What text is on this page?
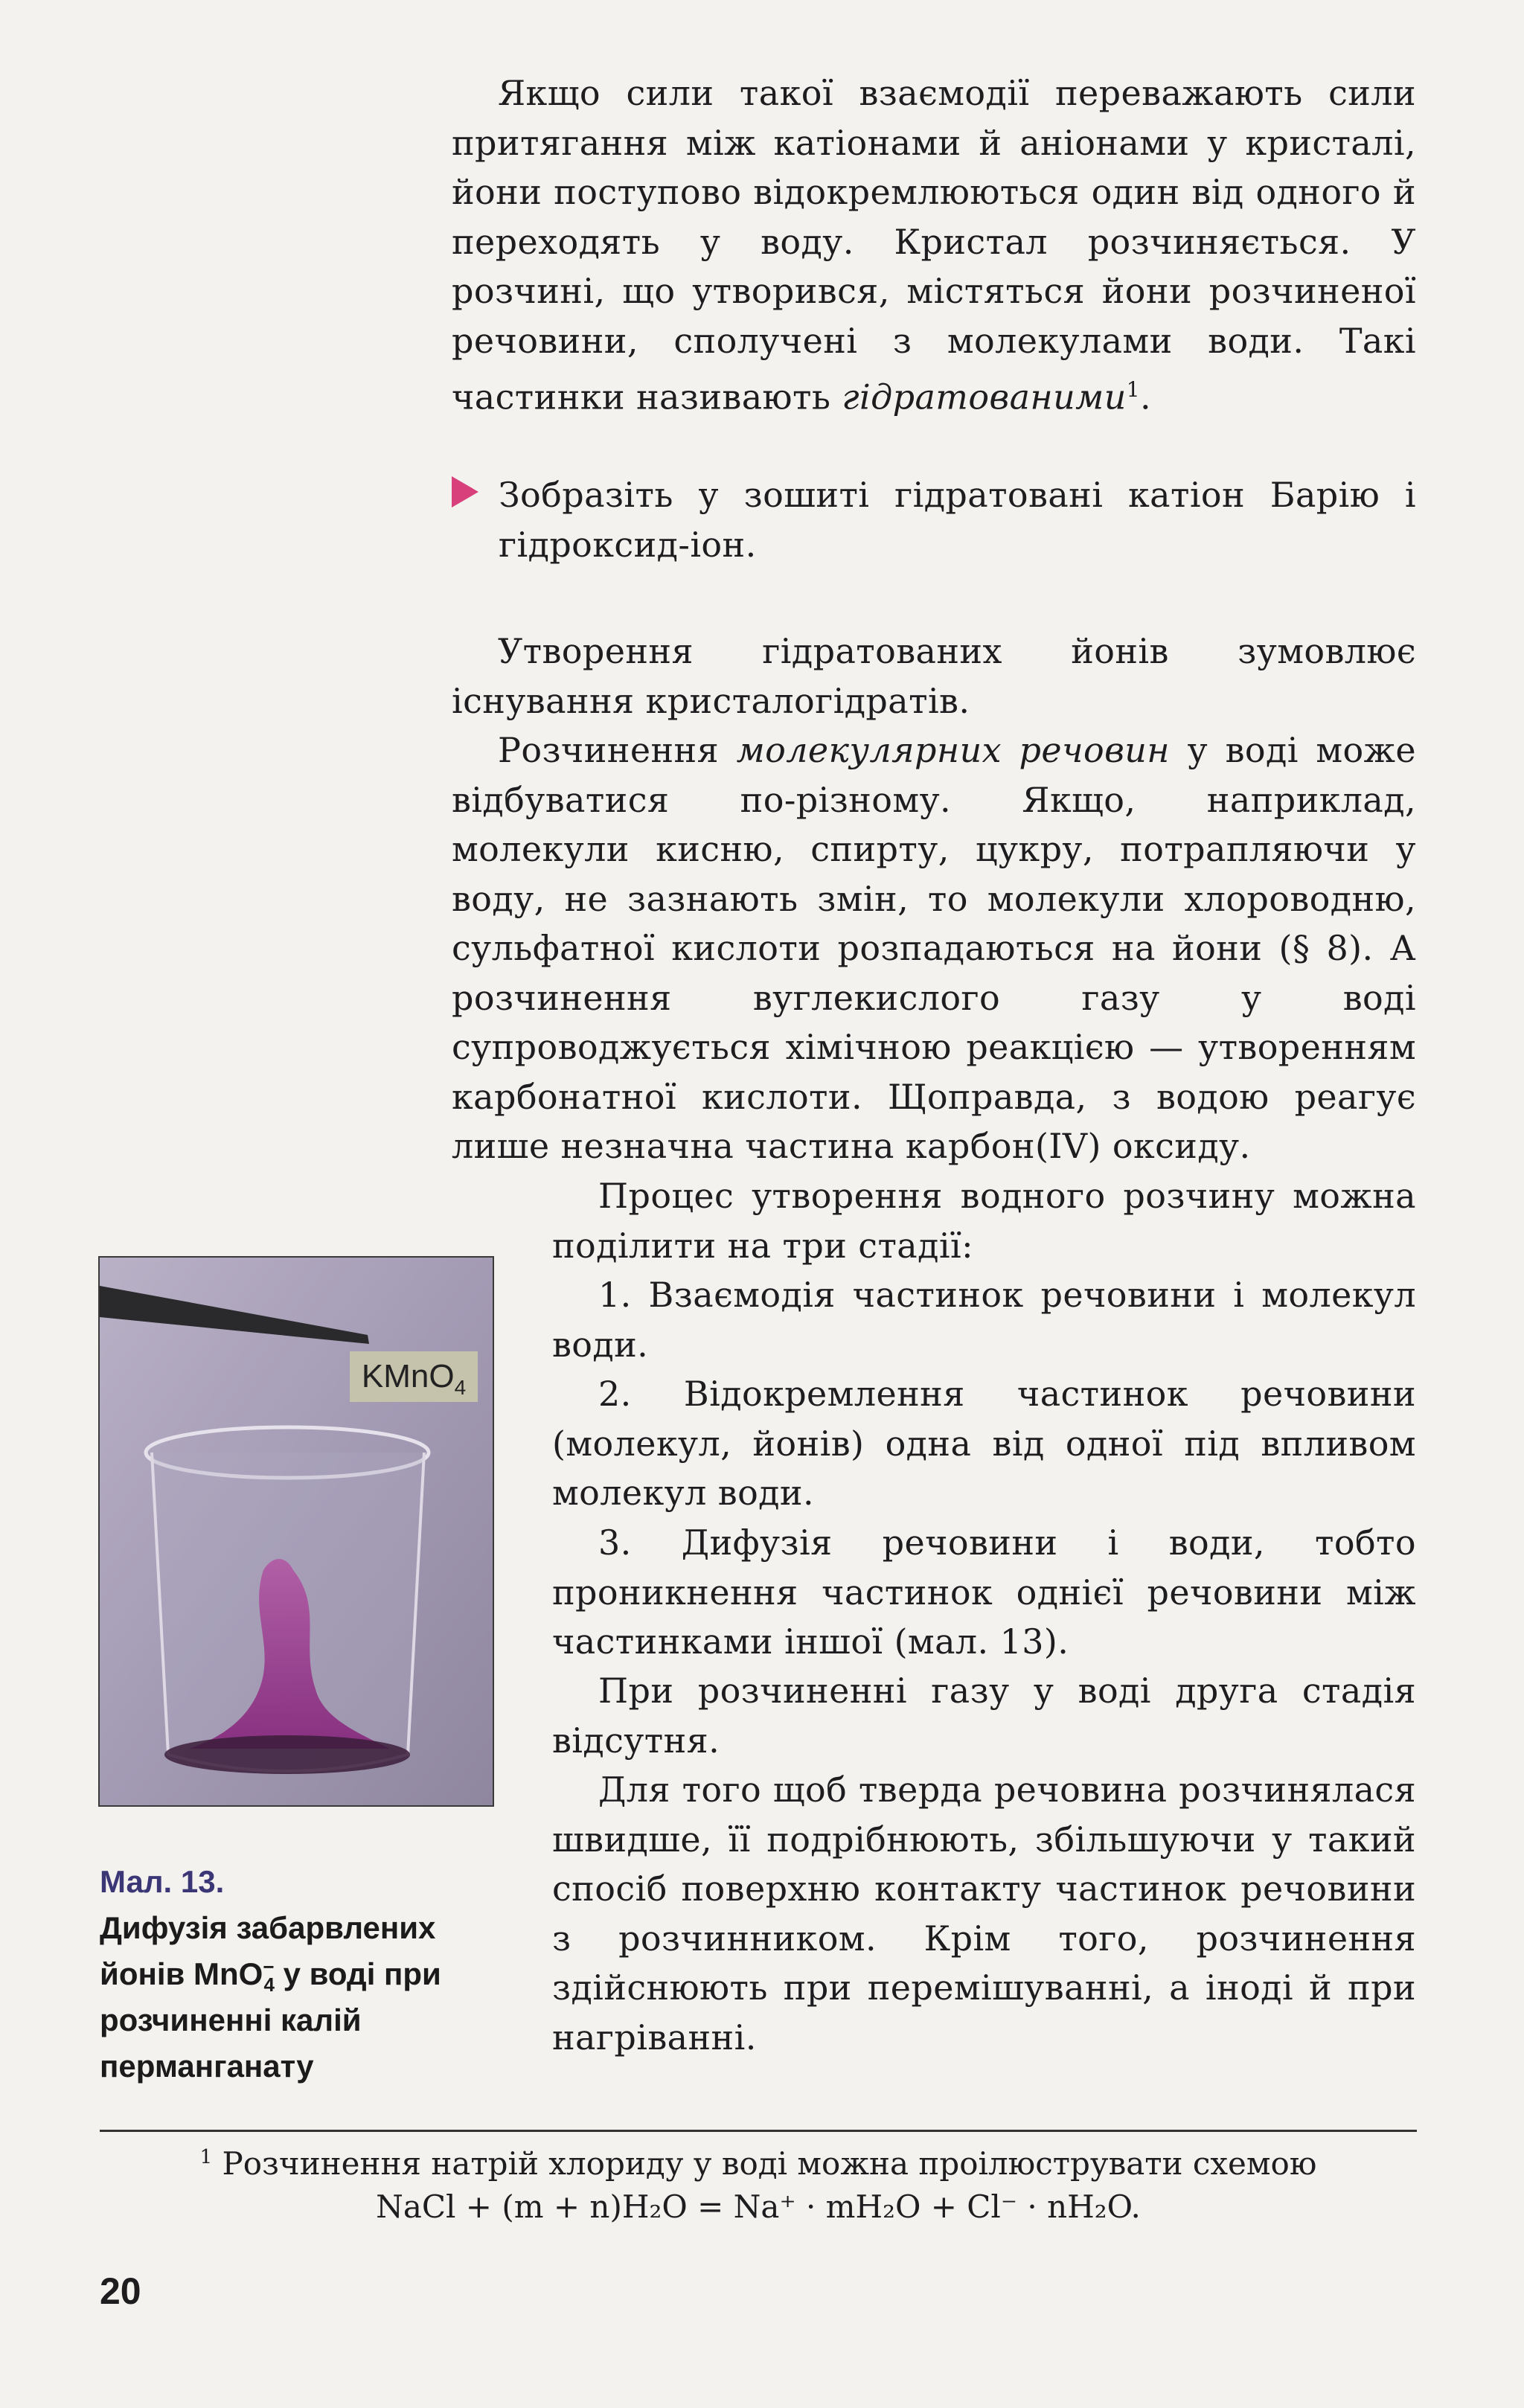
Якщо сили такої взаємодії переважають сили притягання між катіонами й аніонами у кристалі, йони поступово відокремлюються один від одного й переходять у воду. Кристал розчиняється. У розчині, що утворився, містяться йони розчиненої речовини, сполучені з молекулами води. Такі частинки називають гідратованими$^1$.

Зобразіть у зошиті гідратовані катіон Барію і гідроксид-іон.

Утворення гідратованих йонів зумовлює існування кристалогідратів.

Розчинення молекулярних речовин у воді може відбуватися по-різному. Якщо, наприклад, молекули кисню, спирту, цукру, потрапляючи у воду, не зазнають змін, то молекули хлороводню, сульфатної кислоти розпадаються на йони (§ 8). А розчинення вуглекислого газу у воді супроводжується хімічною реакцією — утворенням карбонатної кислоти. Щоправда, з водою реагує лише незначна частина карбон(IV) оксиду.

Процес утворення водного розчину можна поділити на три стадії:

1. Взаємодія частинок речовини і молекул води.

2. Відокремлення частинок речовини (молекул, йонів) одна від одної під впливом молекул води.

3. Дифузія речовини і води, тобто проникнення частинок однієї речовини між частинками іншої (мал. 13).

При розчиненні газу у воді друга стадія відсутня.

Для того щоб тверда речовина розчинялася швидше, її подрібнюють, збільшуючи у такий спосіб поверхню контакту частинок речовини з розчинником. Крім того, розчинення здійснюють при перемішуванні, а іноді й при нагріванні.

KMnO$_4$
Мал. 13.
Дифузія забарвлених йонів MnO−$_4$ у воді при розчиненні калій перманганату
$^1$ Розчинення натрій хлориду у воді можна проілюструвати схемою
NaCl + (m + n)H₂O = Na⁺ · mH₂O + Cl⁻ · nH₂O.
20
